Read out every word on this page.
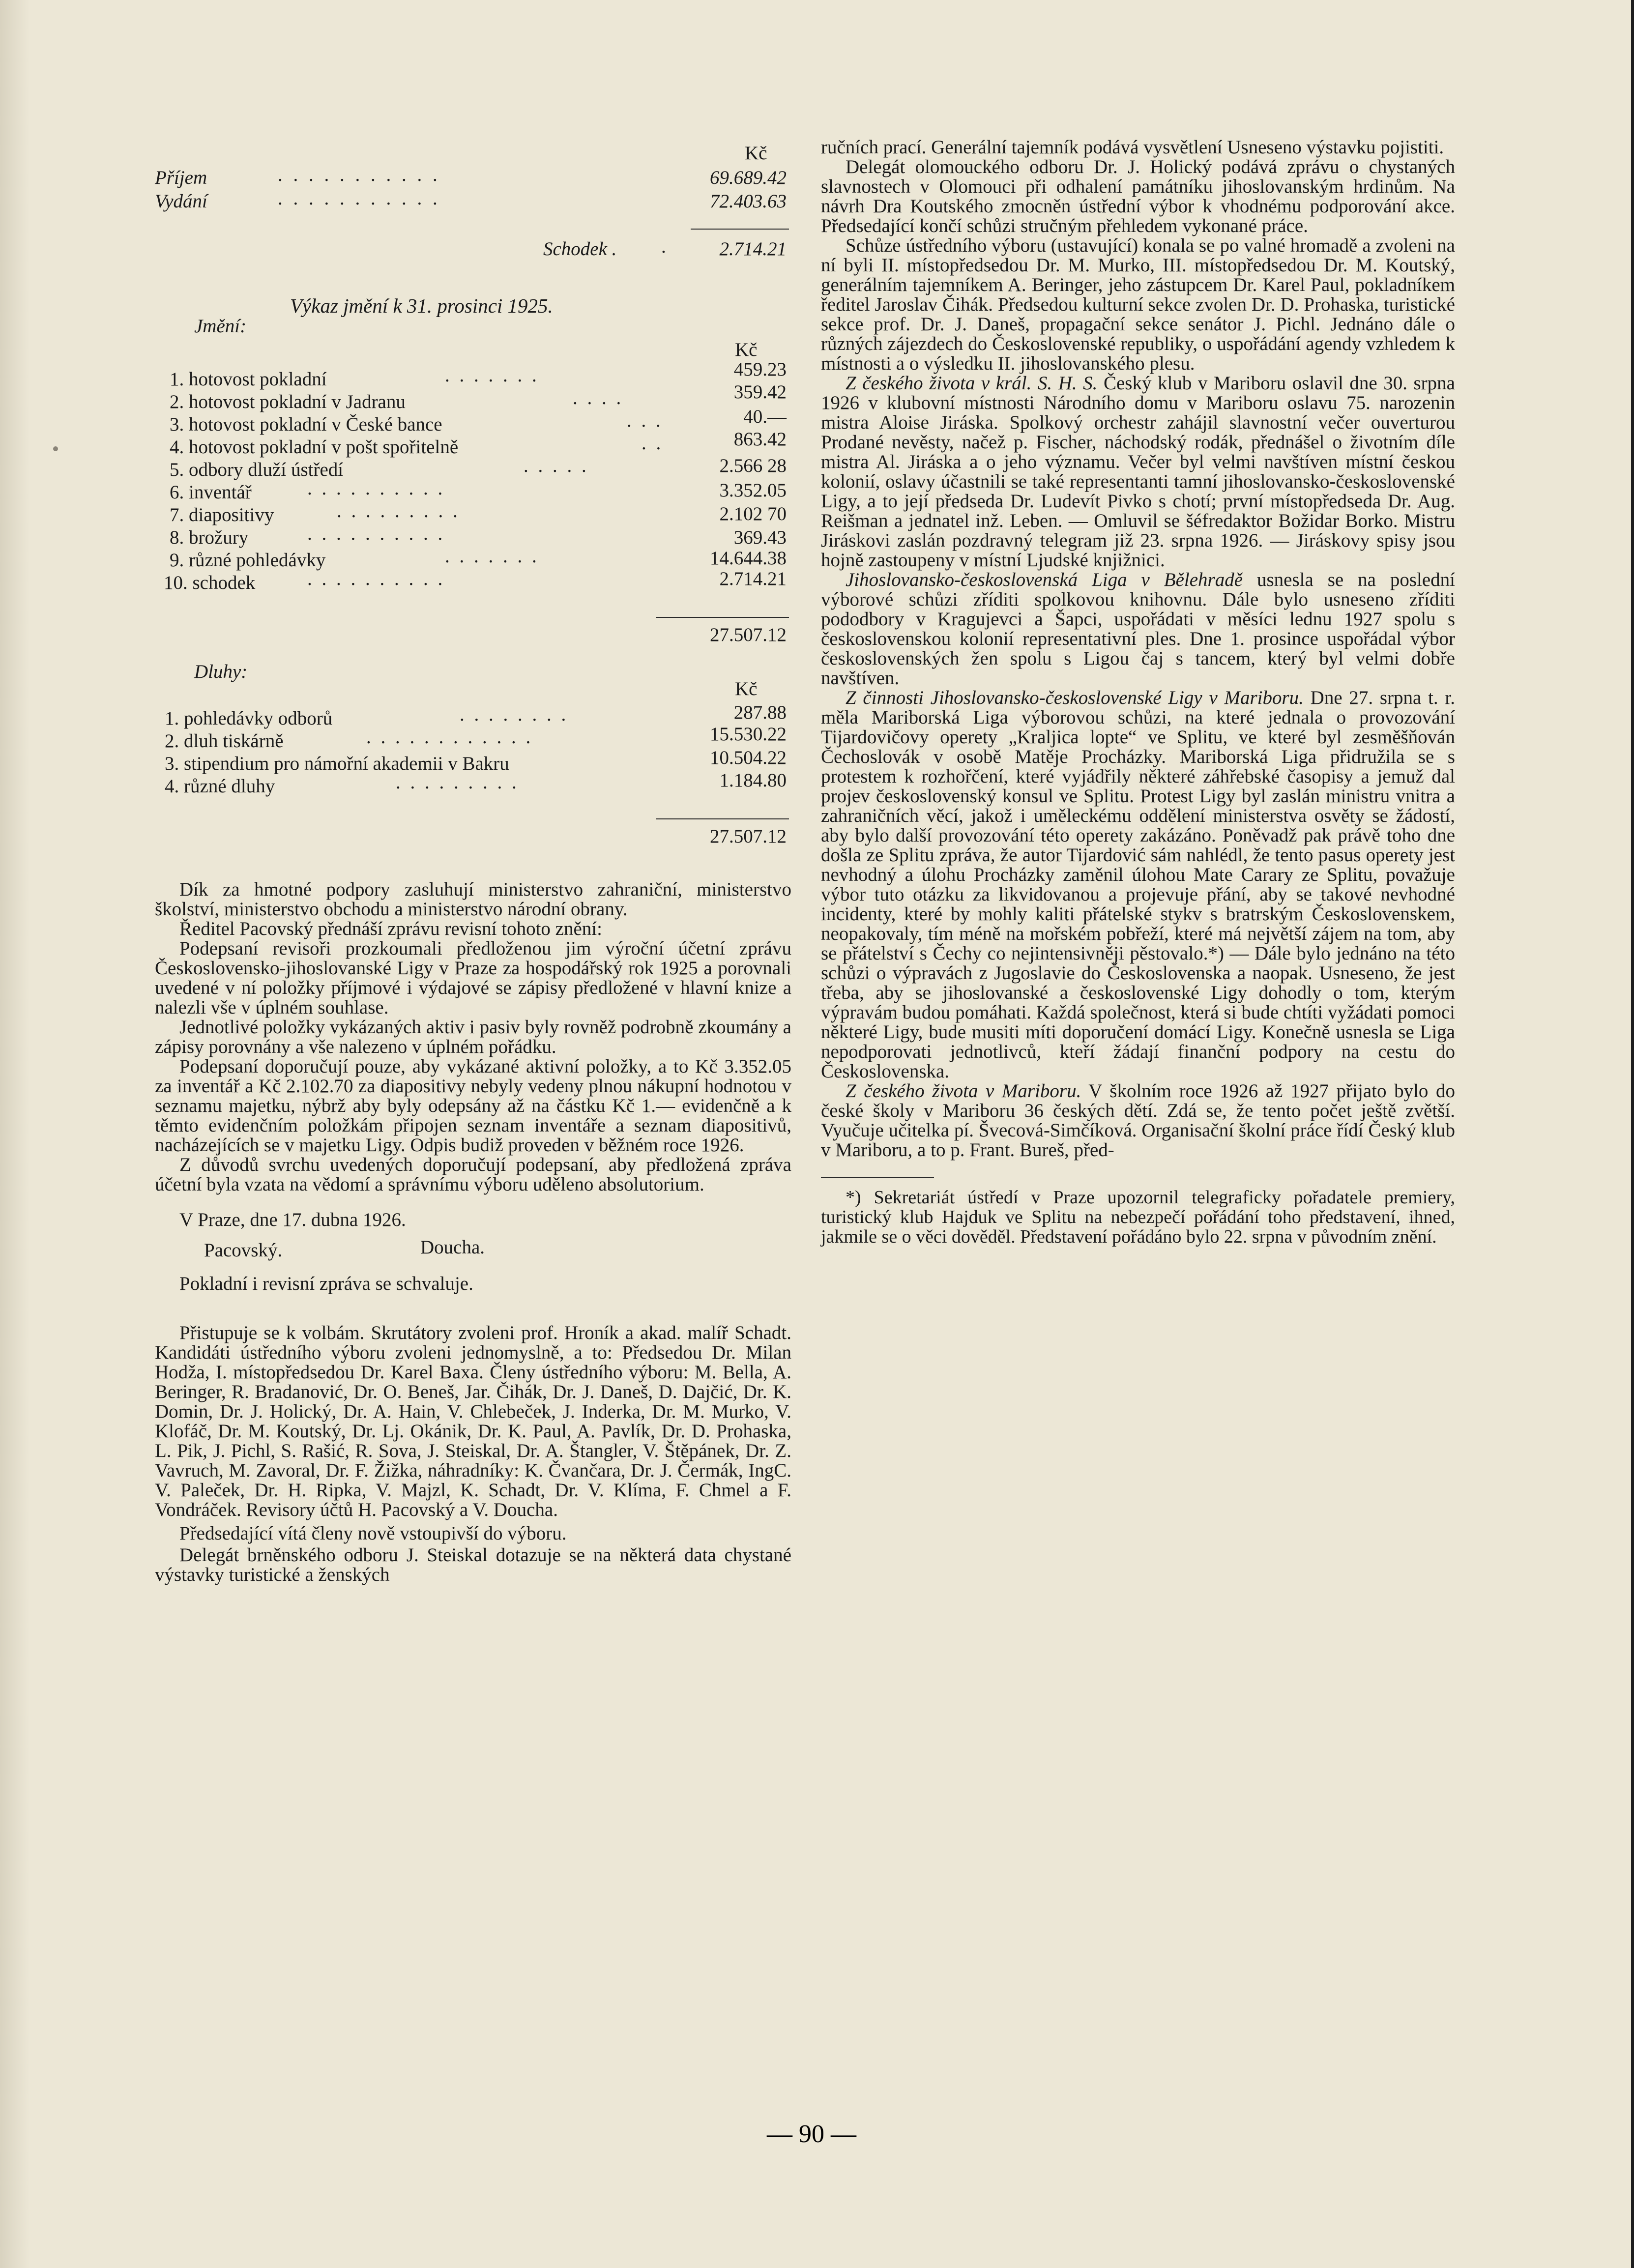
Kč
Příjem	. . . . . . . . . . .	69.689.42
Vydání	. . . . . . . . . . .	72.403.63
Schodek . .	2.714.21
Výkaz jmění k 31. prosinci 1925.
Jmění:
Kč
1. hotovost pokladní	. . . . . . .	459.23
2. hotovost pokladní v Jadranu	. . . .	359.42
3. hotovost pokladní v České bance	. . .	40.—
4. hotovost pokladní v pošt spořitelně	. .	863.42
5. odbory dluží ústředí	. . . . .	2.566 28
6. inventář	. . . . . . . . . .	3.352.05
7. diapositivy	. . . . . . . . .	2.102 70
8. brožury	. . . . . . . . . .	369.43
9. různé pohledávky	. . . . . . .	14.644.38
10. schodek	. . . . . . . . . .	2.714.21
27.507.12
Dluhy:
Kč
1. pohledávky odborů	. . . . . . . .	287.88
2. dluh tiskárně	. . . . . . . . . . . .	15.530.22
3. stipendium pro námořní akademii v Bakru	10.504.22
4. různé dluhy	. . . . . . . . .	1.184.80
27.507.12

Dík za hmotné podpory zasluhují ministerstvo zahraniční, ministerstvo školství, ministerstvo obchodu a ministerstvo národní obrany.

Ředitel Pacovský přednáší zprávu revisní tohoto znění:

Podepsaní revisoři prozkoumali předloženou jim výroční účetní zprávu Československo-jihoslovanské Ligy v Praze za hospodářský rok 1925 a porovnali uvedené v ní položky příjmové i výdajové se zápisy předložené v hlavní knize a nalezli vše v úplném souhlase.

Jednotlivé položky vykázaných aktiv i pasiv byly rovněž podrobně zkoumány a zápisy porovnány a vše nalezeno v úplném pořádku.

Podepsaní doporučují pouze, aby vykázané aktivní položky, a to Kč 3.352.05 za inventář a Kč 2.102.70 za diapositivy nebyly vedeny plnou nákupní hodnotou v seznamu majetku, nýbrž aby byly odepsány až na částku Kč 1.— evidenčně a k těmto evidenčním položkám připojen seznam inventáře a seznam diapositivů, nacházejících se v majetku Ligy. Odpis budiž proveden v běžném roce 1926.

Z důvodů svrchu uvedených doporučují podepsaní, aby předložená zpráva účetní byla vzata na vědomí a správnímu výboru uděleno absolutorium.

V Praze, dne 17. dubna 1926.

Pacovský.	Doucha.

Pokladní i revisní zpráva se schvaluje.

Přistupuje se k volbám. Skrutátory zvoleni prof. Hroník a akad. malíř Schadt. Kandidáti ústředního výboru zvoleni jednomyslně, a to: Předsedou Dr. Milan Hodža, I. místopředsedou Dr. Karel Baxa. Členy ústředního výboru: M. Bella, A. Beringer, R. Bradanović, Dr. O. Beneš, Jar. Čihák, Dr. J. Daneš, D. Dajčić, Dr. K. Domin, Dr. J. Holický, Dr. A. Hain, V. Chlebeček, J. Inderka, Dr. M. Murko, V. Klofáč, Dr. M. Koutský, Dr. Lj. Okánik, Dr. K. Paul, A. Pavlík, Dr. D. Prohaska, L. Pik, J. Pichl, S. Rašić, R. Sova, J. Steiskal, Dr. A. Štangler, V. Štěpánek, Dr. Z. Vavruch, M. Zavoral, Dr. F. Žižka, náhradníky: K. Čvančara, Dr. J. Čermák, IngC. V. Paleček, Dr. H. Ripka, V. Majzl, K. Schadt, Dr. V. Klíma, F. Chmel a F. Vondráček. Revisory účtů H. Pacovský a V. Doucha.

Předsedající vítá členy nově vstoupivší do výboru.

Delegát brněnského odboru J. Steiskal dotazuje se na některá data chystané výstavky turistické a ženských

ručních prací. Generální tajemník podává vysvětlení Usneseno výstavku pojistiti.

Delegát olomouckého odboru Dr. J. Holický podává zprávu o chystaných slavnostech v Olomouci při odhalení památníku jihoslovanským hrdinům. Na návrh Dra Koutského zmocněn ústřední výbor k vhodnému podporování akce. Předsedající končí schůzi stručným přehledem vykonané práce.

Schůze ústředního výboru (ustavující) konala se po valné hromadě a zvoleni na ní byli II. místopředsedou Dr. M. Murko, III. místopředsedou Dr. M. Koutský, generálním tajemníkem A. Beringer, jeho zástupcem Dr. Karel Paul, pokladníkem ředitel Jaroslav Čihák. Předsedou kulturní sekce zvolen Dr. D. Prohaska, turistické sekce prof. Dr. J. Daneš, propagační sekce senátor J. Pichl. Jednáno dále o různých zájezdech do Československé republiky, o uspořádání agendy vzhledem k místnosti a o výsledku II. jihoslovanského plesu.

Z českého života v král. S. H. S. Český klub v Mariboru oslavil dne 30. srpna 1926 v klubovní místnosti Národního domu v Mariboru oslavu 75. narozenin mistra Aloise Jiráska. Spolkový orchestr zahájil slavnostní večer ouverturou Prodané nevěsty, načež p. Fischer, náchodský rodák, přednášel o životním díle mistra Al. Jiráska a o jeho významu. Večer byl velmi navštíven místní českou kolonií, oslavy účastnili se také representanti tamní jihoslovansko-československé Ligy, a to její předseda Dr. Ludevít Pivko s chotí; první místopředseda Dr. Aug. Reišman a jednatel inž. Leben. — Omluvil se šéfredaktor Božidar Borko. Mistru Jiráskovi zaslán pozdravný telegram již 23. srpna 1926. — Jiráskovy spisy jsou hojně zastoupeny v místní Ljudské knjižnici.

Jihoslovansko-československá Liga v Bělehradě usnesla se na poslední výborové schůzi zříditi spolkovou knihovnu. Dále bylo usneseno zříditi pododbory v Kragujevci a Šapci, uspořádati v měsíci lednu 1927 spolu s československou kolonií representativní ples. Dne 1. prosince uspořádal výbor československých žen spolu s Ligou čaj s tancem, který byl velmi dobře navštíven.

Z činnosti Jihoslovansko-československé Ligy v Mariboru. Dne 27. srpna t. r. měla Mariborská Liga výborovou schůzi, na které jednala o provozování Tijardovičovy operety „Kraljica lopte“ ve Splitu, ve které byl zesměšňován Čechoslovák v osobě Matěje Procházky. Mariborská Liga přidružila se s protestem k rozhořčení, které vyjádřily některé záhřebské časopisy a jemuž dal projev československý konsul ve Splitu. Protest Ligy byl zaslán ministru vnitra a zahraničních věcí, jakož i uměleckému oddělení ministerstva osvěty se žádostí, aby bylo další provozování této operety zakázáno. Poněvadž pak právě toho dne došla ze Splitu zpráva, že autor Tijardović sám nahlédl, že tento pasus operety jest nevhodný a úlohu Procházky zaměnil úlohou Mate Carary ze Splitu, považuje výbor tuto otázku za likvidovanou a projevuje přání, aby se takové nevhodné incidenty, které by mohly kaliti přátelské stykv s bratrským Československem, neopakovaly, tím méně na mořském pobřeží, které má největší zájem na tom, aby se přátelství s Čechy co nejintensivněji pěstovalo.*) — Dále bylo jednáno na této schůzi o výpravách z Jugoslavie do Československa a naopak. Usneseno, že jest třeba, aby se jihoslovanské a československé Ligy dohodly o tom, kterým výpravám budou pomáhati. Každá společnost, která si bude chtíti vyžádati pomoci některé Ligy, bude musiti míti doporučení domácí Ligy. Konečně usnesla se Liga nepodporovati jednotlivců, kteří žádají finanční podpory na cestu do Československa.

Z českého života v Mariboru. V školním roce 1926 až 1927 přijato bylo do české školy v Mariboru 36 českých dětí. Zdá se, že tento počet ještě zvětší. Vyučuje učitelka pí. Švecová-Simčíková. Organisační školní práce řídí Český klub v Mariboru, a to p. Frant. Bureš, před-

*) Sekretariát ústředí v Praze upozornil telegraficky pořadatele premiery, turistický klub Hajduk ve Splitu na nebezpečí pořádání toho představení, ihned, jakmile se o věci dověděl. Představení pořádáno bylo 22. srpna v původním znění.

— 90 —
